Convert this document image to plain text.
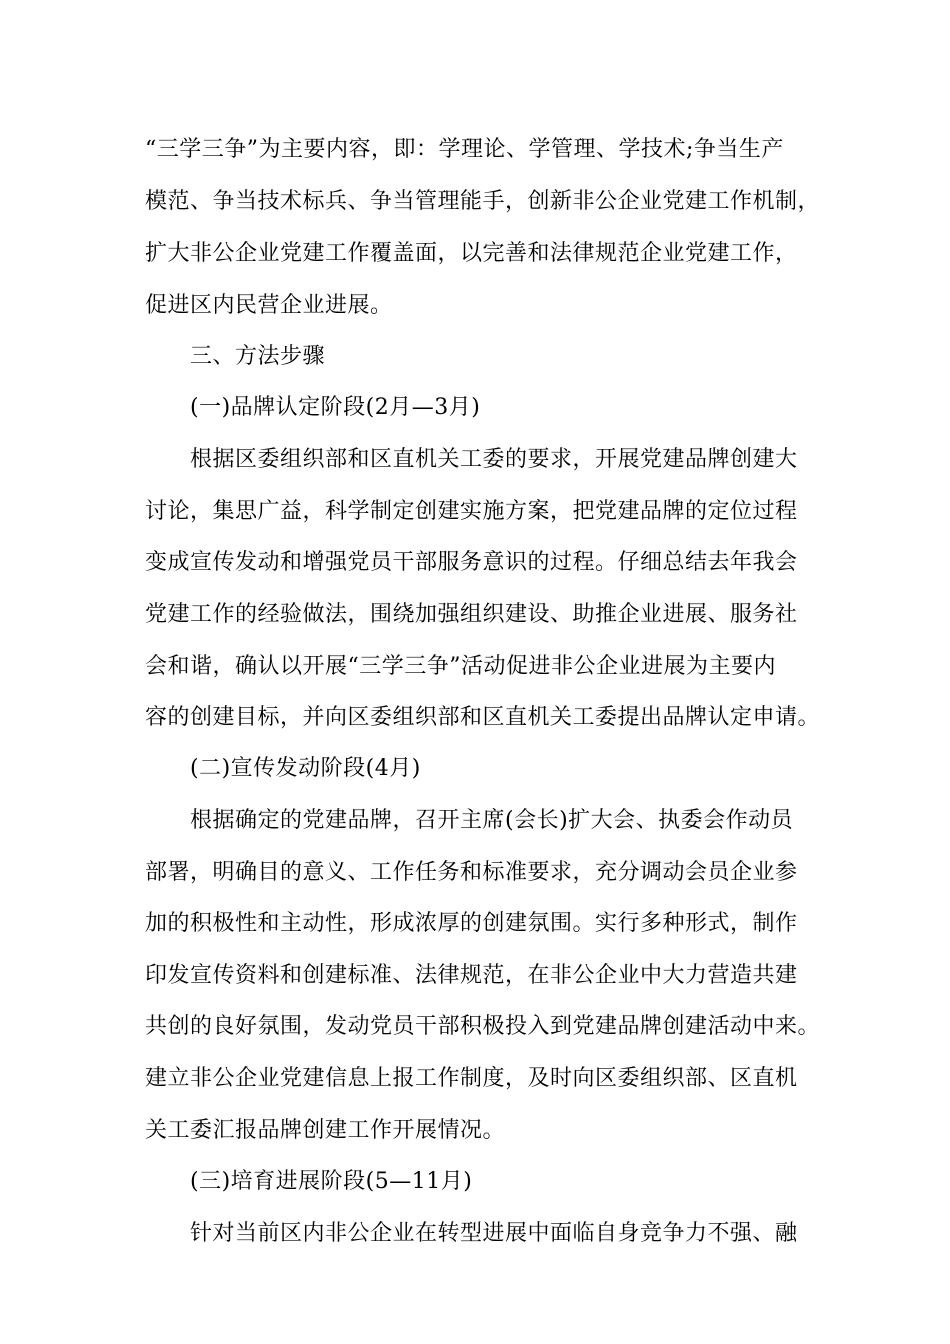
“三学三争”为主要内容，即：学理论、学管理、学技术;争当生产
模范、争当技术标兵、争当管理能手，创新非公企业党建工作机制，
扩大非公企业党建工作覆盖面，以完善和法律规范企业党建工作，
促进区内民营企业进展。
三、方法步骤
(一)品牌认定阶段(2月—3月)
根据区委组织部和区直机关工委的要求，开展党建品牌创建大
讨论，集思广益，科学制定创建实施方案，把党建品牌的定位过程
变成宣传发动和增强党员干部服务意识的过程。仔细总结去年我会
党建工作的经验做法，围绕加强组织建设、助推企业进展、服务社
会和谐，确认以开展“三学三争”活动促进非公企业进展为主要内
容的创建目标，并向区委组织部和区直机关工委提出品牌认定申请。
(二)宣传发动阶段(4月)
根据确定的党建品牌，召开主席(会长)扩大会、执委会作动员
部署，明确目的意义、工作任务和标准要求，充分调动会员企业参
加的积极性和主动性，形成浓厚的创建氛围。实行多种形式，制作
印发宣传资料和创建标准、法律规范，在非公企业中大力营造共建
共创的良好氛围，发动党员干部积极投入到党建品牌创建活动中来。
建立非公企业党建信息上报工作制度，及时向区委组织部、区直机
关工委汇报品牌创建工作开展情况。
(三)培育进展阶段(5—11月)
针对当前区内非公企业在转型进展中面临自身竞争力不强、融
